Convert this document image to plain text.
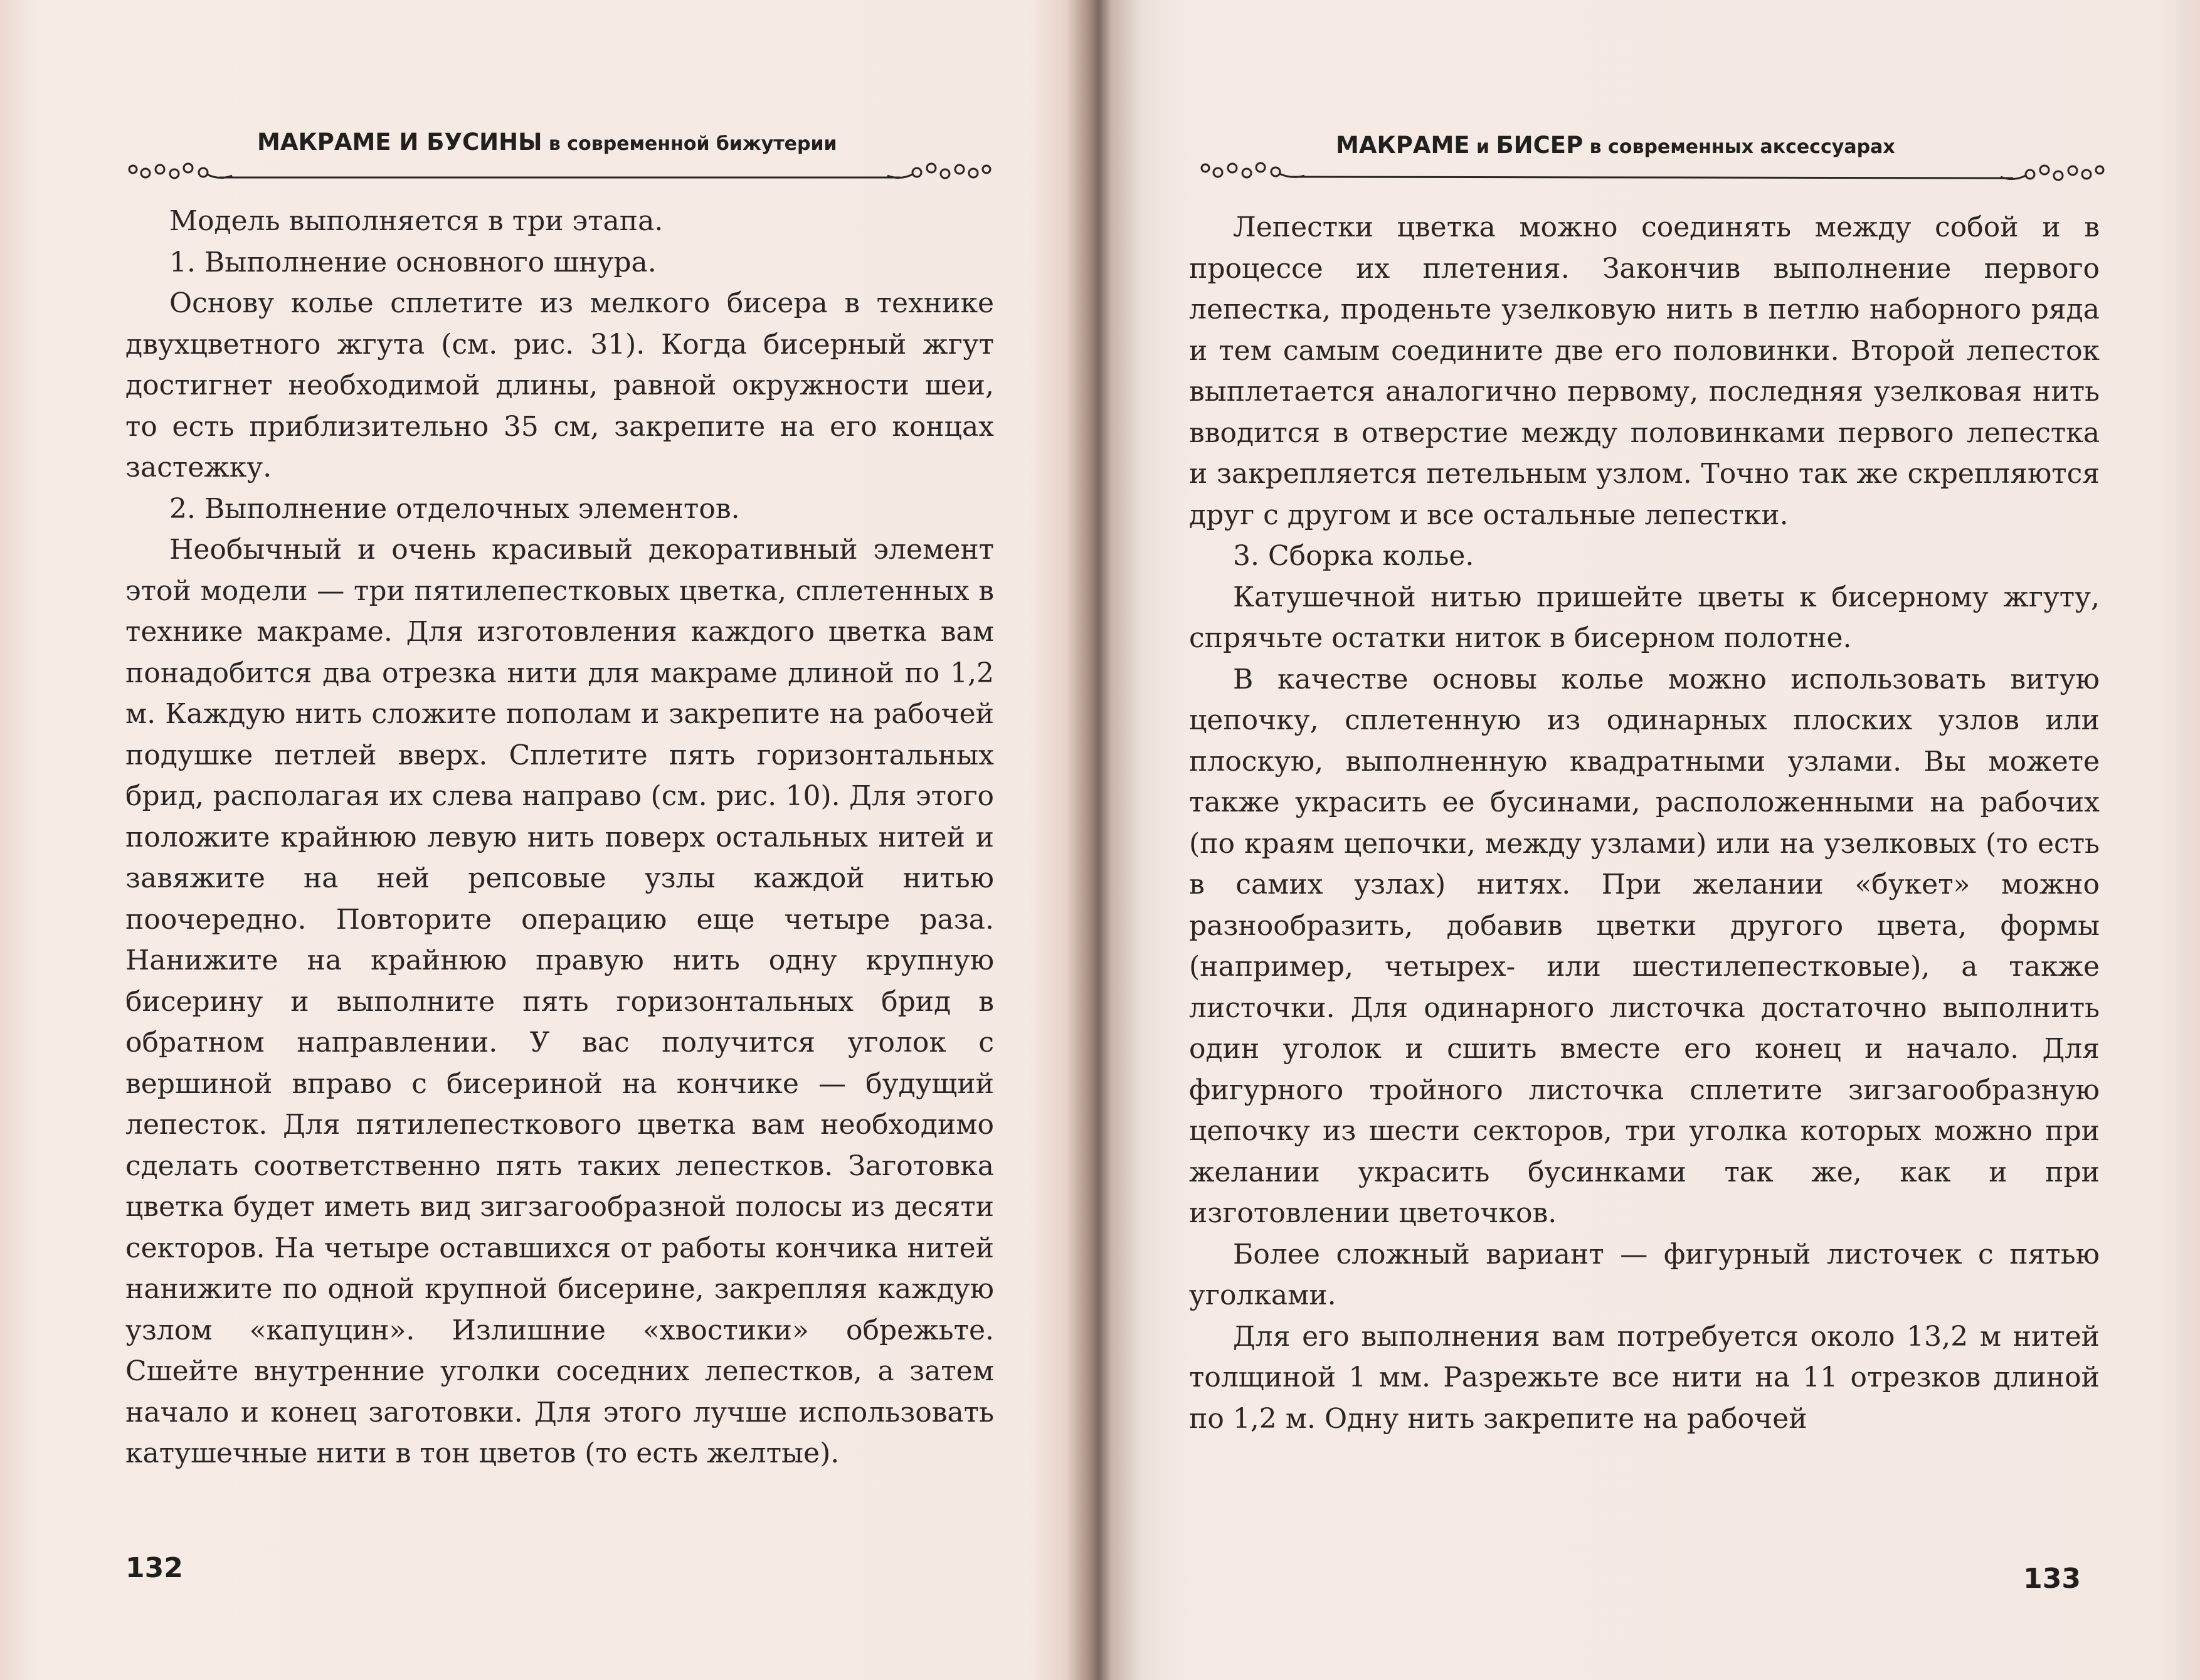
МАКРАМЕ И БУСИНЫ в современной бижутерии

Модель выполняется в три этапа.

1. Выполнение основного шнура.

Основу колье сплетите из мелкого бисера в технике двухцветного жгута (см. рис. 31). Когда бисерный жгут достигнет необходимой длины, равной окружности шеи, то есть приблизительно 35 см, закрепите на его концах застежку.

2. Выполнение отделочных элементов.

Необычный и очень красивый декоративный элемент этой модели — три пятилепестковых цветка, сплетенных в технике макраме. Для изготовления каждого цветка вам понадобится два отрезка нити для макраме длиной по 1,2 м. Каждую нить сложите пополам и закрепите на рабочей подушке петлей вверх. Сплетите пять горизонтальных брид, располагая их слева направо (см. рис. 10). Для этого положите крайнюю левую нить поверх остальных нитей и завяжите на ней репсовые узлы каждой нитью поочередно. Повторите операцию еще четыре раза. Нанижите на крайнюю правую нить одну крупную бисерину и выполните пять горизонтальных брид в обратном направлении. У вас получится уголок с вершиной вправо с бисериной на кончике — будущий лепесток. Для пятилепесткового цветка вам необходимо сделать соответственно пять таких лепестков. Заготовка цветка будет иметь вид зигзагообразной полосы из десяти секторов. На четыре оставшихся от работы кончика нитей нанижите по одной крупной бисерине, закрепляя каждую узлом «капуцин». Излишние «хвостики» обрежьте. Сшейте внутренние уголки соседних лепестков, а затем начало и конец заготовки. Для этого лучше использовать катушечные нити в тон цветов (то есть желтые).

132
МАКРАМЕ и БИСЕР в современных аксессуарах

Лепестки цветка можно соединять между собой и в процессе их плетения. Закончив выполнение первого лепестка, проденьте узелковую нить в петлю наборного ряда и тем самым соедините две его половинки. Второй лепесток выплетается аналогично первому, последняя узелковая нить вводится в отверстие между половинками первого лепестка и закрепляется петельным узлом. Точно так же скрепляются друг с другом и все остальные лепестки.

3. Сборка колье.

Катушечной нитью пришейте цветы к бисерному жгуту, спрячьте остатки ниток в бисерном полотне.

В качестве основы колье можно использовать витую цепочку, сплетенную из одинарных плоских узлов или плоскую, выполненную квадратными узлами. Вы можете также украсить ее бусинами, расположенными на рабочих (по краям цепочки, между узлами) или на узелковых (то есть в самих узлах) нитях. При желании «букет» можно разнообразить, добавив цветки другого цвета, формы (например, четырех- или шестилепестковые), а также листочки. Для одинарного листочка достаточно выполнить один уголок и сшить вместе его конец и начало. Для фигурного тройного листочка сплетите зигзагообразную цепочку из шести секторов, три уголка которых можно при желании украсить бусинками так же, как и при изготовлении цветочков.

Более сложный вариант — фигурный листочек с пятью уголками.

Для его выполнения вам потребуется около 13,2 м нитей толщиной 1 мм. Разрежьте все нити на 11 отрезков длиной по 1,2 м. Одну нить закрепите на рабочей

133
